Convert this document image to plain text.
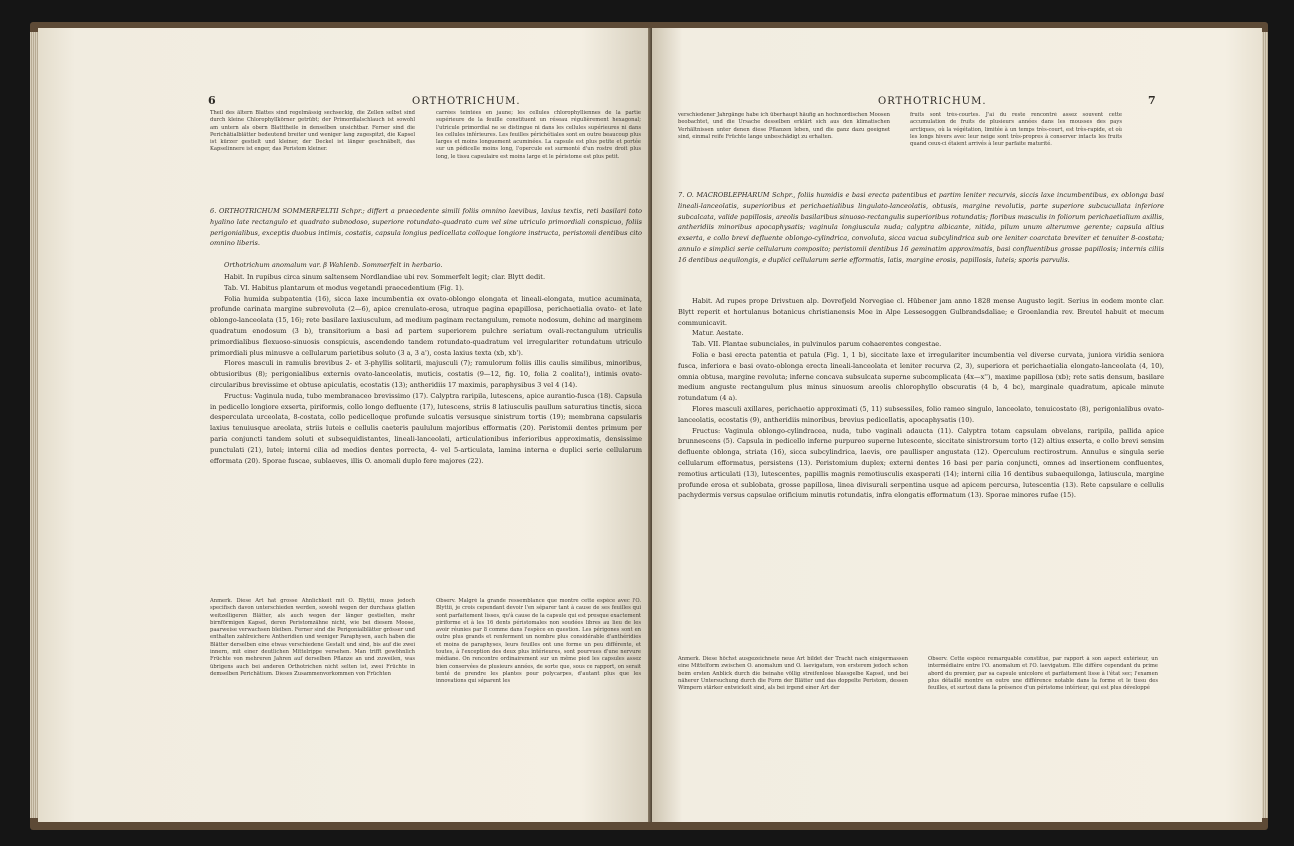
6	ORTHOTRICHUM.

Theil des ältern Blattes sind regelmässig sechseckig, die Zellen selbst sind durch kleine Chlorophyllkörner getrübt; der Primordialschlauch ist sowohl am untern als obern Blatttheile in denselben unsichtbar. Ferner sind die Perichätialblätter bedeutend breiter und weniger lang zugespitzt, die Kapsel ist kürzer gestielt und kleiner, der Deckel ist länger geschnäbelt, das Kapselinnere ist enger, das Peristom kleiner.

carrées teintées en jaune; les cellules chlorophylliennes de la partie supérieure de la feuille constituent un réseau régulièrement hexagonal; l'utricule primordial ne se distingue ni dans les cellules supérieures ni dans les cellules inférieures. Les feuilles périchétiales sont en outre beaucoup plus larges et moins longuement acuminées. La capsule est plus petite et portée sur un pédicelle moins long, l'opercule est surmonté d'un rostre droit plus long, le tissu capsulaire est moins large et le péristome est plus petit.

6. ORTHOTRICHUM SOMMERFELTII Schpr.; differt a praecedente simili foliis omnino laevibus, laxius textis, reti basilari toto hyalino late rectangulo et quadrato subnodoso, superiore rotundato-quadrato cum vel sine utriculo primordiali conspicuo, foliis perigonialibus, exceptis duobus intimis, costatis, capsula longius pedicellata colloque longiore instructa, peristomii dentibus cito omnino liberis.

Orthotrichum anomalum var. β Wahlenb. Sommerfelt in herbario.

Habit. In rupibus circa sinum saltensem Nordlandiae ubi rev. Sommerfelt legit; clar. Blytt dedit.

Tab. VI. Habitus plantarum et modus vegetandi praecedentium (Fig. 1).

Folia humida subpatentia (16), sicca laxe incumbentia ex ovato-oblongo elongata et lineali-elongata, mutice acuminata, profunde carinata margine subrevoluta (2—6), apice crenulato-erosa, utraque pagina epapillosa, perichaetialia ovato- et late oblongo-lanceolata (15, 16); rete basilare laxiusculum, ad medium paginam rectangulum, remote nodosum, dehinc ad marginem quadratum enodosum (3 b), transitorium a basi ad partem superiorem pulchre seriatum ovali-rectangulum utriculis primordialibus flexuoso-sinuosis conspicuis, ascendendo tandem rotundato-quadratum vel irregulariter rotundatum utriculo primordiali plus minusve a cellularum parietibus soluto (3 a, 3 a'), costa laxius texta (xb, xb').

Flores masculi in ramulis brevibus 2- et 3-phyllis solitarii, majusculi (7); ramulorum foliis illis caulis similibus, minoribus, obtusioribus (8); perigonialibus externis ovato-lanceolatis, muticis, costatis (9—12, fig. 10, folia 2 coalita!), intimis ovato-circularibus brevissime et obtuse apiculatis, ecostatis (13); antheridiis 17 maximis, paraphysibus 3 vel 4 (14).

Fructus: Vaginula nuda, tubo membranaceo brevissimo (17). Calyptra raripila, lutescens, apice aurantio-fusca (18). Capsula in pedicello longiore exserta, piriformis, collo longo defluente (17), lutescens, striis 8 latiusculis paullum saturatius tinctis, sicca desperculata urceolata, 8-costata, collo pedicelloque profunde sulcatis versusque sinistrum tortis (19); membrana capsularis laxius tenuiusque areolata, striis luteis e cellulis caeteris paululum majoribus efformatis (20). Peristomii dentes primum per paria conjuncti tandem soluti et subsequidistantes, lineali-lanceolati, articulationibus inferioribus approximatis, densissime punctulati (21), lutei; interni cilia ad medios dentes porrecta, 4- vel 5-articulata, lamina interna e duplici serie cellularum efformata (20). Sporae fuscae, sublaeves, illis O. anomali duplo fere majores (22).

Anmerk. Diese Art hat grosse Ähnlichkeit mit O. Blyttii, muss jedoch specifisch davon unterschieden werden, sowohl wegen der durchaus glatten weitzelligeren Blätter, als auch wegen der länger gestielten, mehr birnförmigen Kapsel, deren Peristomzähne nicht, wie bei diesem Moose, paarweise verwachsen bleiben. Ferner sind die Perigonialblätter grösser und enthalten zahlreichere Antheridien und weniger Paraphysen, auch haben die Blätter derselben eine etwas verschiedene Gestalt und sind, bis auf die zwei innern, mit einer deutlichen Mittelrippe versehen. Man trifft gewöhnlich Früchte von mehreren Jahren auf derselben Pflanze an und zuweilen, was übrigens auch bei anderen Orthotrichen nicht selten ist, zwei Früchte in demselben Perichätium. Dieses Zusammenvorkommen von Früchten

Observ. Malgré la grande ressemblance que montre cette espèce avec l'O. Blyttii, je crois cependant devoir l'en séparer tant à cause de ses feuilles qui sont parfaitement lisses, qu'à cause de la capsule qui est presque exactement piriforme et à les 16 dents péristomales non soudées libres au lieu de les avoir réunies par 8 comme dans l'espèce en question. Les périgones sont en outre plus grands et renferment un nombre plus considérable d'anthéridies et moins de paraphyses, leurs feuilles ont une forme un peu différente, et toutes, à l'exception des deux plus intérieures, sont pourvues d'une nervure médiane. On rencontre ordinairement sur un même pied les capsules assez bien conservées de plusieurs années, de sorte que, sous ce rapport, on serait tenté de prendre les plantes pour polycarpes, d'autant plus que les innovations qui séparent les

ORTHOTRICHUM.	7

verschiedener Jahrgänge habe ich überhaupt häufig an hochnordischen Moosen beobachtet, und die Ursache desselben erklärt sich aus den klimatischen Verhältnissen unter denen diese Pflanzen leben, und die ganz dazu geeignet sind, einmal reife Früchte lange unbeschädigt zu erhalten.

fruits sont très-courtes. J'ai du reste rencontré assez souvent cette accumulation de fruits de plusieurs années dans les mousses des pays arctiques, où la végétation, limitée à un temps très-court, est très-rapide, et où les longs hivers avec leur neige sont très-propres à conserver intacts les fruits quand ceux-ci étaient arrivés à leur parfaite maturité.

7. O. MACROBLEPHARUM Schpr., foliis humidis e basi erecta patentibus et partim leniter recurvis, siccis laxe incumbentibus, ex oblonga basi lineali-lanceolatis, superioribus et perichaetialibus lingulato-lanceolatis, obtusis, margine revolutis, parte superiore subcucullata inferiore subcalcata, valide papillosis, areolis basilaribus sinuoso-rectangulis superioribus rotundatis; floribus masculis in foliorum perichaetialium axillis, antheridiis minoribus apocaphysatis; vaginula longiuscula nuda; calyptra albicante, nitida, pilum unum alterumve gerente; capsula altius exserta, e collo brevi defluente oblongo-cylindrica, convoluta, sicca vacua subcylindrica sub ore leniter coarctata breviter et tenuiter 8-costata; annulo e simplici serie cellularum composito; peristomii dentibus 16 geminatim approximatis, basi confluentibus grosse papillosis; internis ciliis 16 dentibus aequilongis, e duplici cellularum serie efformatis, latis, margine erosis, papillosis, luteis; sporis parvulis.

Habit. Ad rupes prope Drivstuen alp. Dovrefjeld Norvegiae cl. Hübener jam anno 1828 mense Augusto legit. Serius in eodem monte clar. Blytt reperit et hortulanus botanicus christianensis Moe in Alpe Lessesoggen Gulbrandsdaliae; e Groenlandia rev. Breutel habuit et mecum communicavit.

Matur. Aestate.

Tab. VII. Plantae subunciales, in pulvinulos parum cohaerentes congestae.

Folia e basi erecta patentia et patula (Fig. 1, 1 b), siccitate laxe et irregulariter incumbentia vel diverse curvata, juniora viridia seniora fusca, inferiora e basi ovato-oblonga erecta lineali-lanceolata et leniter recurva (2, 3), superiora et perichaetialia elongato-lanceolata (4, 10), omnia obtusa, margine revoluta; inferne concava subsulcata superne subcomplicata (4x—x''), maxime papillosa (xb); rete satis densum, basilare medium anguste rectangulum plus minus sinuosum areolis chlorophyllo obscuratis (4 b, 4 bc), marginale quadratum, apicale minute rotundatum (4 a).

Flores masculi axillares, perichaetio approximati (5, 11) subsessiles, folio rameo singulo, lanceolato, tenuicostato (8), perigonialibus ovato-lanceolatis, ecostatis (9), antheridiis minoribus, brevius pedicellatis, apocaphysatis (10).

Fructus: Vaginula oblongo-cylindracea, nuda, tubo vaginali adaucta (11). Calyptra totam capsulam obvelans, raripila, pallida apice brunnescens (5). Capsula in pedicello inferne purpureo superne lutescente, siccitate sinistrorsum torto (12) altius exserta, e collo brevi sensim defluente oblonga, striata (16), sicca subcylindrica, laevis, ore paullisper angustata (12). Operculum rectirostrum. Annulus e singula serie cellularum efformatus, persistens (13). Peristomium duplex; externi dentes 16 basi per paria conjuncti, omnes ad insertionem confluentes, remotius articulati (13), lutescentes, papillis magnis remotiusculis exasperati (14); interni cilia 16 dentibus subaequilonga, latiuscula, margine profunde erosa et sublobata, grosse papillosa, linea divisurali serpentina usque ad apicem percursa, lutescentia (13). Rete capsulare e cellulis pachydermis versus capsulae orificium minutis rotundatis, infra elongatis efformatum (13). Sporae minores rufae (15).

Anmerk. Diese höchst ausgezeichnete neue Art bildet der Tracht nach einigermassen eine Mittelform zwischen O. anomalum und O. laevigatum, von ersterem jedoch schon beim ersten Anblick durch die beinahe völlig streifenlose blassgelbe Kapsel, und bei näherer Untersuchung durch die Form der Blätter und das doppelte Peristom, dessen Wimpern stärker entwickelt sind, als bei irgend einer Art der

Observ. Cette espèce remarquable constitue, par rapport à son aspect extérieur, un intermédiaire entre l'O. anomalum et l'O. laevigatum. Elle diffère cependant du prime abord du premier, par sa capsule unicolore et parfaitement lisse à l'état sec; l'examen plus détaillé montre en outre une différence notable dans la forme et le tissu des feuilles, et surtout dans la présence d'un péristome intérieur, qui est plus développé
